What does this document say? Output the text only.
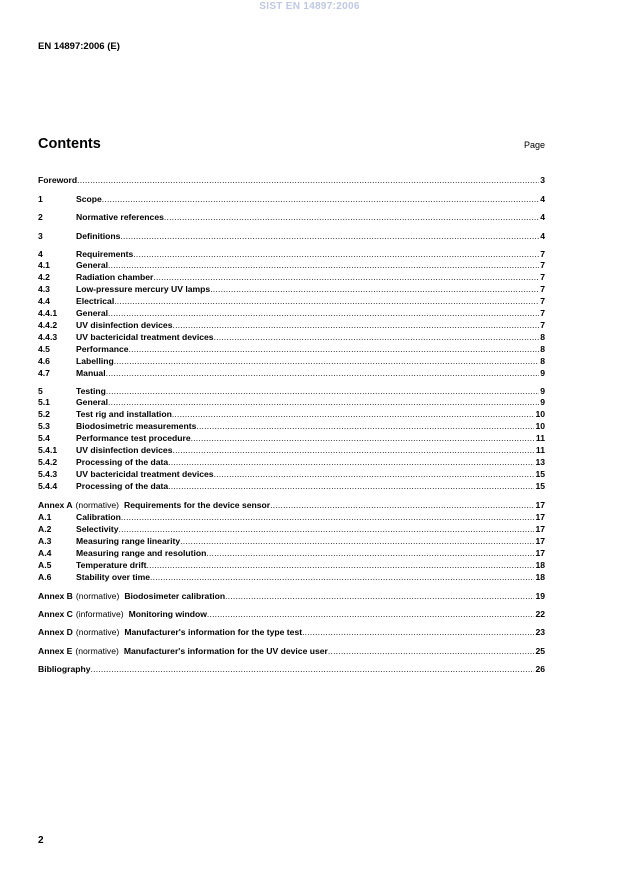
SIST EN 14897:2006
EN 14897:2006 (E)
Contents	Page
Foreword .....	3
1	Scope .....	4
2	Normative references .....	4
3	Definitions .....	4
4	Requirements .....	7
4.1	General .....	7
4.2	Radiation chamber .....	7
4.3	Low-pressure mercury UV lamps .....	7
4.4	Electrical .....	7
4.4.1	General .....	7
4.4.2	UV disinfection devices .....	7
4.4.3	UV bactericidal treatment devices .....	8
4.5	Performance .....	8
4.6	Labelling .....	8
4.7	Manual .....	9
5	Testing .....	9
5.1	General .....	9
5.2	Test rig and installation .....	10
5.3	Biodosimetric measurements .....	10
5.4	Performance test procedure .....	11
5.4.1	UV disinfection devices .....	11
5.4.2	Processing of the data .....	13
5.4.3	UV bactericidal treatment devices .....	15
5.4.4	Processing of the data .....	15
Annex A (normative) Requirements for the device sensor .....	17
A.1	Calibration .....	17
A.2	Selectivity .....	17
A.3	Measuring range linearity .....	17
A.4	Measuring range and resolution .....	17
A.5	Temperature drift .....	18
A.6	Stability over time .....	18
Annex B (normative) Biodosimeter calibration .....	19
Annex C (informative) Monitoring window .....	22
Annex D (normative) Manufacturer's information for the type test .....	23
Annex E (normative) Manufacturer's information for the UV device user .....	25
Bibliography .....	26
2
